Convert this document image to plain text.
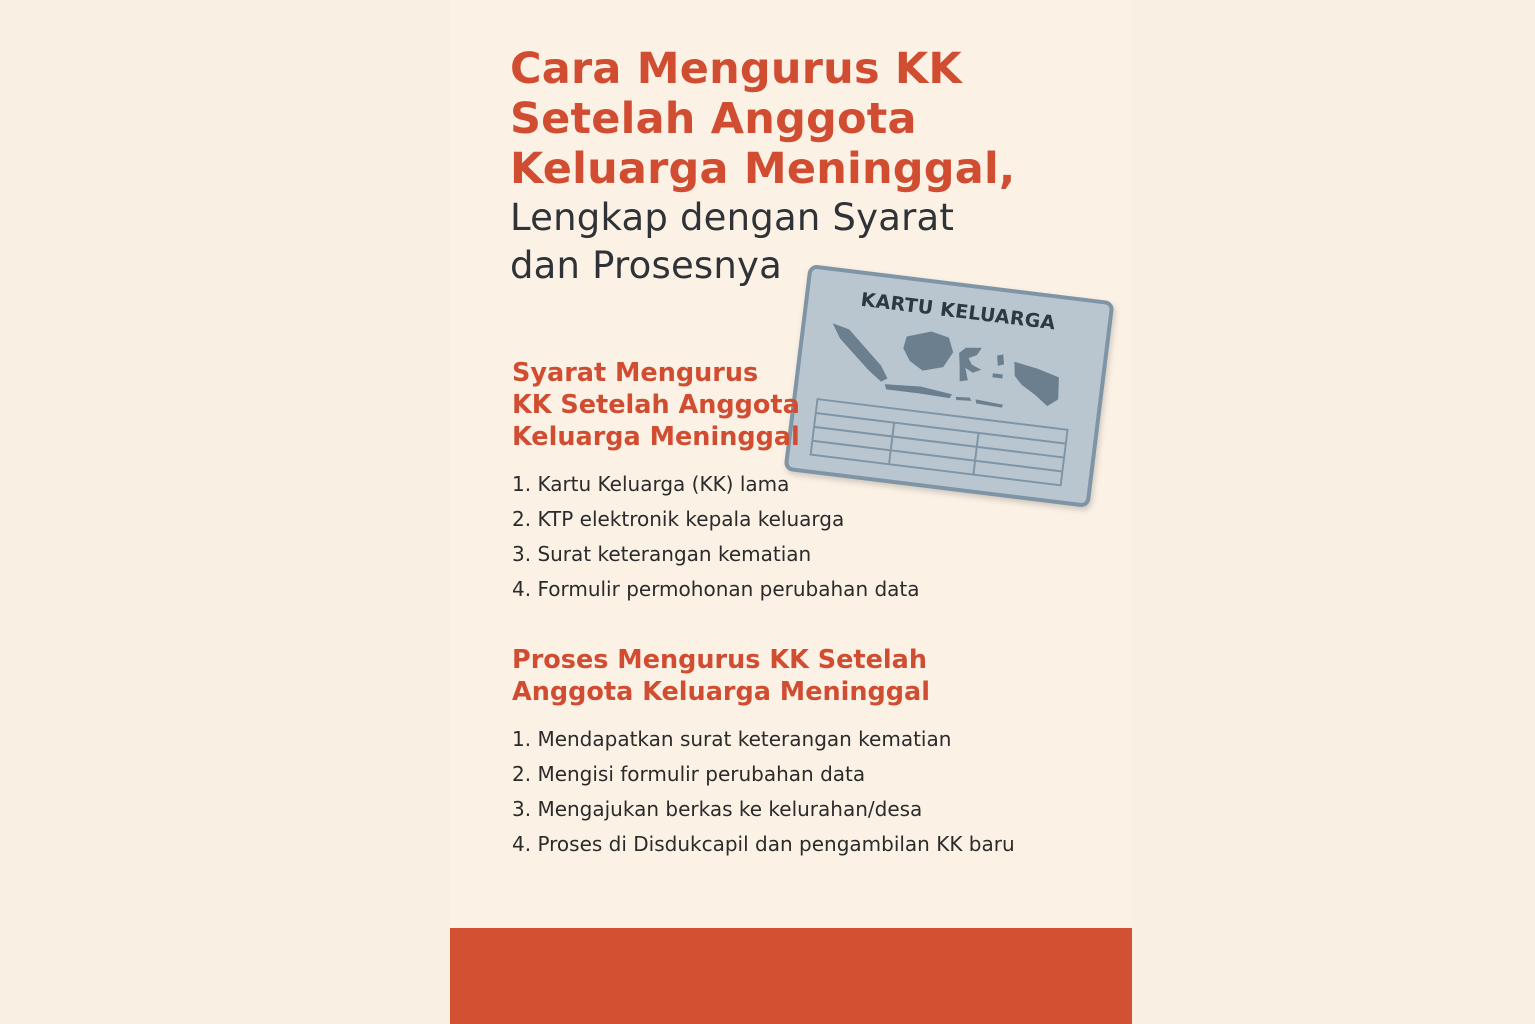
Cara Mengurus KK
Setelah Anggota
Keluarga Meninggal,
Lengkap dengan Syarat
dan Prosesnya
KARTU KELUARGA
Syarat Mengurus
KK Setelah Anggota
Keluarga Meninggal
1. Kartu Keluarga (KK) lama
2. KTP elektronik kepala keluarga
3. Surat keterangan kematian
4. Formulir permohonan perubahan data
Proses Mengurus KK Setelah
Anggota Keluarga Meninggal
1. Mendapatkan surat keterangan kematian
2. Mengisi formulir perubahan data
3. Mengajukan berkas ke kelurahan/desa
4. Proses di Disdukcapil dan pengambilan KK baru
